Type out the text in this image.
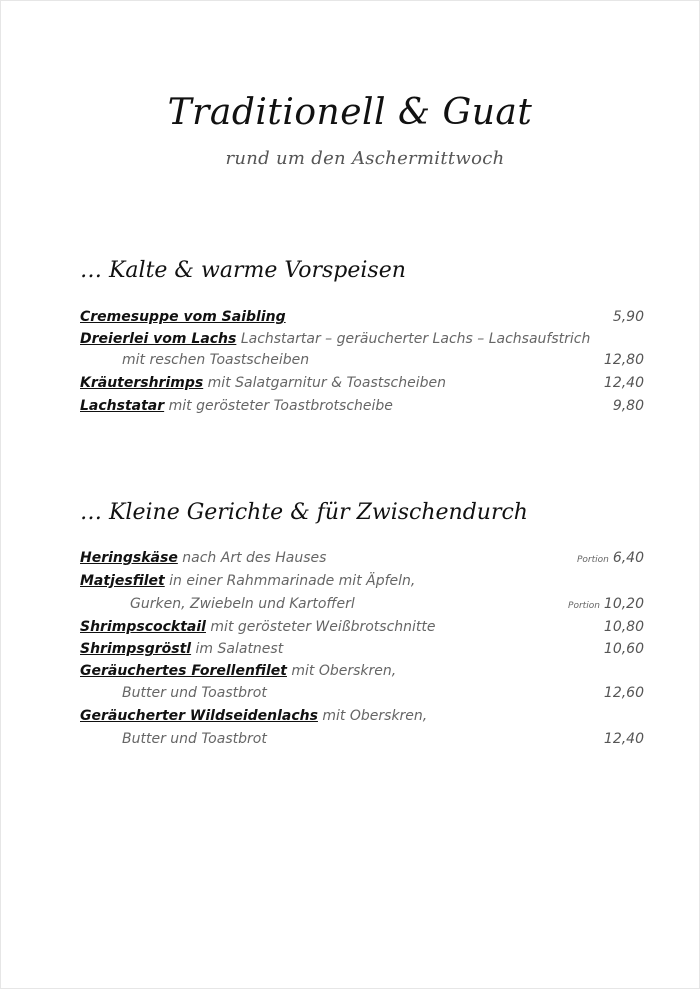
Traditionell & Guat
rund um den Aschermittwoch
… Kalte & warme Vorspeisen
Cremesuppe vom Saibling	5,90
Dreierlei vom Lachs Lachstartar – geräucherter Lachs – Lachsaufstrich
mit reschen Toastscheiben	12,80
Kräutershrimps mit Salatgarnitur & Toastscheiben	12,40
Lachstatar mit gerösteter Toastbrotscheibe	9,80
… Kleine Gerichte & für Zwischendurch
Heringskäse nach Art des Hauses	Portion 6,40
Matjesfilet in einer Rahmmarinade mit Äpfeln,
Gurken, Zwiebeln und Kartofferl	Portion 10,20
Shrimpscocktail mit gerösteter Weißbrotschnitte	10,80
Shrimpsgröstl im Salatnest	10,60
Geräuchertes Forellenfilet mit Oberskren,
Butter und Toastbrot	12,60
Geräucherter Wildseidenlachs mit Oberskren,
Butter und Toastbrot	12,40
